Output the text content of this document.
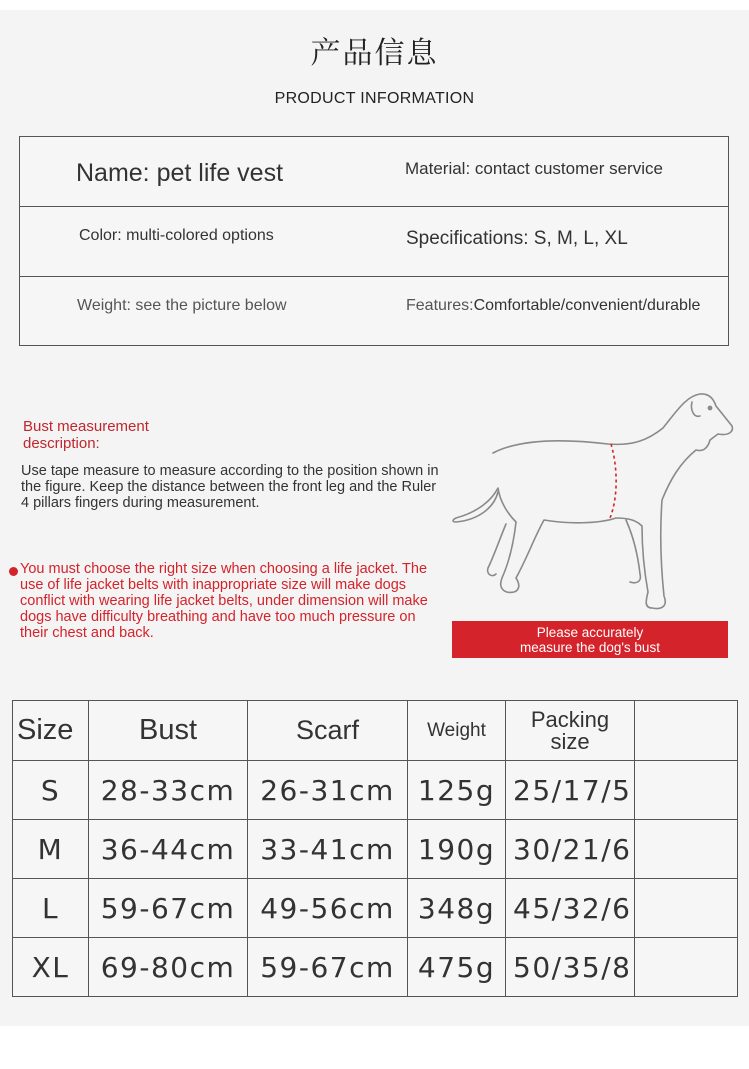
产品信息
PRODUCT INFORMATION
Name: pet life vest	Material: contact customer service
Color: multi-colored options	Specifications: S, M, L, XL
Weight: see the picture below	Features:Comfortable/convenient/durable
Bust measurement description:
Use tape measure to measure according to the position shown in the figure. Keep the distance between the front leg and the Ruler 4 pillars fingers during measurement.
You must choose the right size when choosing a life jacket. The use of life jacket belts with inappropriate size will make dogs conflict with wearing life jacket belts, under dimension will make dogs have difficulty breathing and have too much pressure on their chest and back.	Please accurately
measure the dog's bust
Size	Bust	Scarf	Weight	Packing
size	

S	28-33cm	26-31cm	125g	25/17/5	
M	36-44cm	33-41cm	190g	30/21/6	
L	59-67cm	49-56cm	348g	45/32/6	
XL	69-80cm	59-67cm	475g	50/35/8	
